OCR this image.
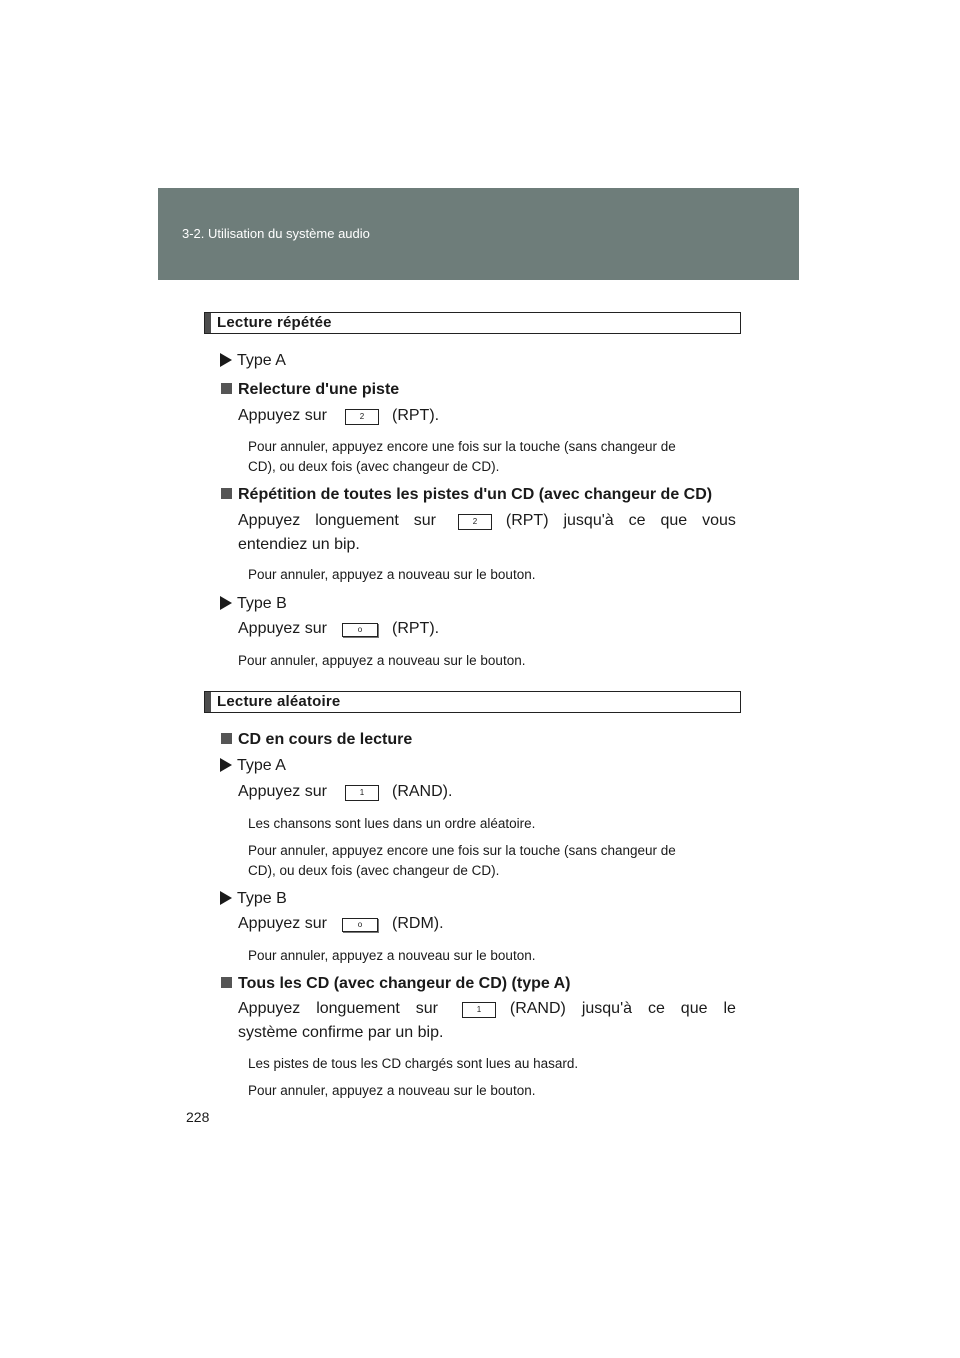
3-2. Utilisation du système audio
Lecture répétée
Type A
Relecture d'une piste
Appuyez sur	2	(RPT).
Pour annuler, appuyez encore une fois sur la touche (sans changeur de
CD), ou deux fois (avec changeur de CD).
Répétition de toutes les pistes d'un CD (avec changeur de CD)
Appuyez longuement sur	(RPT) jusqu'à ce que vous
2
entendiez un bip.
Pour annuler, appuyez a nouveau sur le bouton.
Type B
Appuyez sur	o	(RPT).
Pour annuler, appuyez a nouveau sur le bouton.
Lecture aléatoire
CD en cours de lecture
Type A
Appuyez sur	1	(RAND).
Les chansons sont lues dans un ordre aléatoire.
Pour annuler, appuyez encore une fois sur la touche (sans changeur de
CD), ou deux fois (avec changeur de CD).
Type B
Appuyez sur	o	(RDM).
Pour annuler, appuyez a nouveau sur le bouton.
Tous les CD (avec changeur de CD) (type A)
Appuyez longuement sur	(RAND) jusqu'à ce que le
1
système confirme par un bip.
Les pistes de tous les CD chargés sont lues au hasard.
Pour annuler, appuyez a nouveau sur le bouton.
228
